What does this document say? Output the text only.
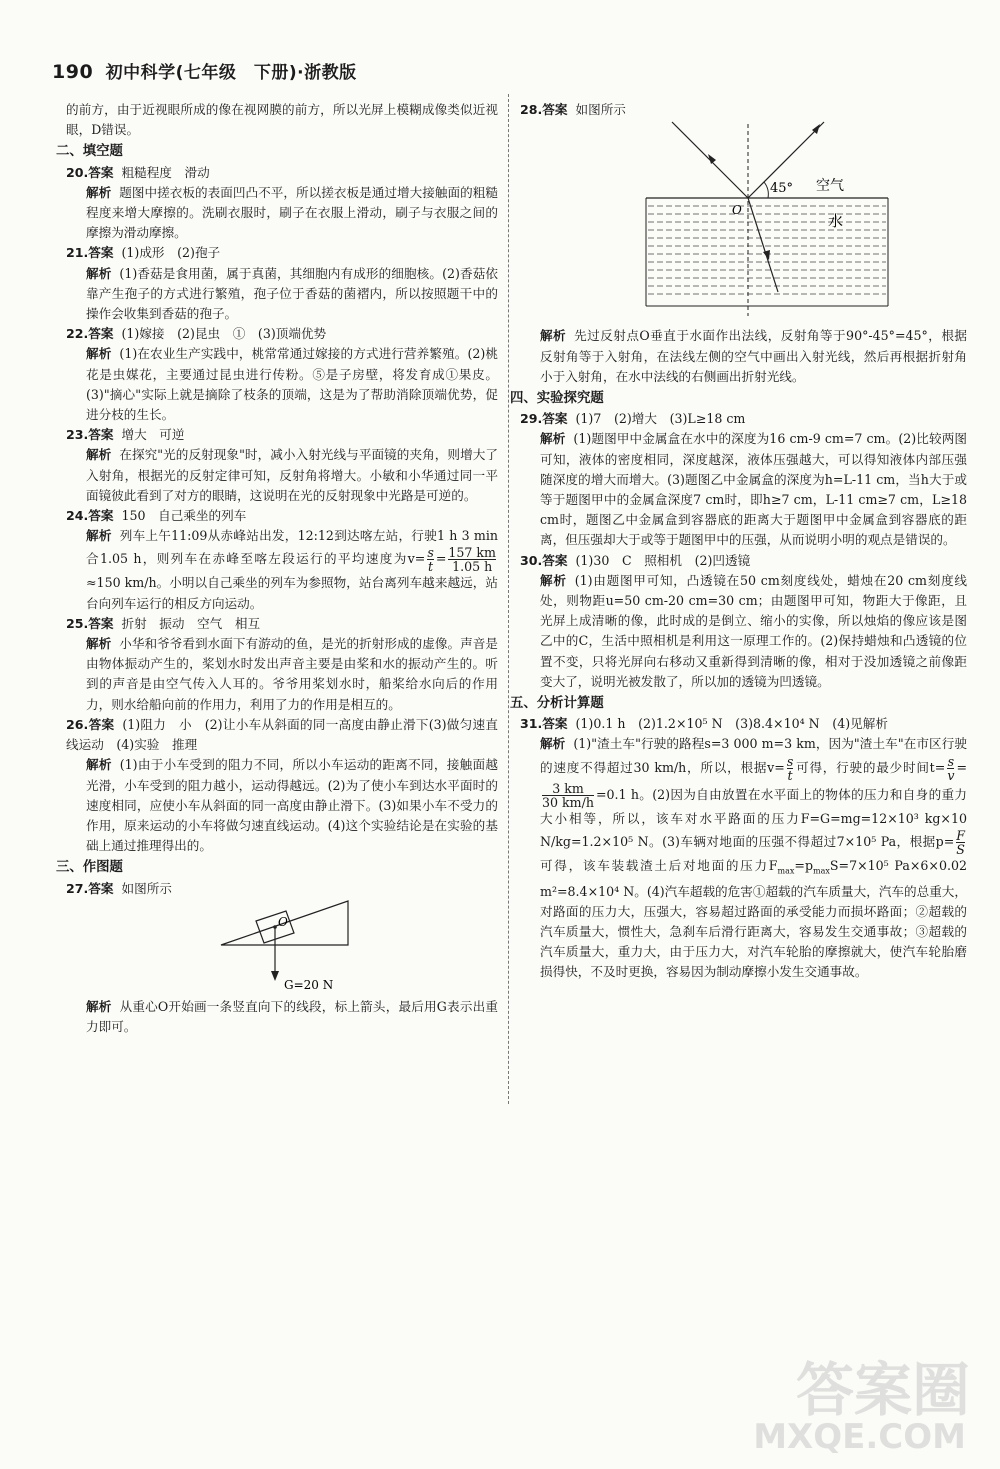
190 初中科学(七年级　下册)·浙教版

的前方，由于近视眼所成的像在视网膜的前方，所以光屏上模糊成像类似近视眼，D错误。

二、填空题

20.答案 粗糙程度　滑动

解析 题图中搓衣板的表面凹凸不平，所以搓衣板是通过增大接触面的粗糙程度来增大摩擦的。洗刷衣服时，刷子在衣服上滑动，刷子与衣服之间的摩擦为滑动摩擦。

21.答案 (1)成形　(2)孢子

解析 (1)香菇是食用菌，属于真菌，其细胞内有成形的细胞核。(2)香菇依靠产生孢子的方式进行繁殖，孢子位于香菇的菌褶内，所以按照题干中的操作会收集到香菇的孢子。

22.答案 (1)嫁接　(2)昆虫　①　(3)顶端优势

解析 (1)在农业生产实践中，桃常常通过嫁接的方式进行营养繁殖。(2)桃花是虫媒花，主要通过昆虫进行传粉。⑤是子房壁，将发育成①果皮。(3)"摘心"实际上就是摘除了枝条的顶端，这是为了帮助消除顶端优势，促进分枝的生长。

23.答案 增大　可逆

解析 在探究"光的反射现象"时，减小入射光线与平面镜的夹角，则增大了入射角，根据光的反射定律可知，反射角将增大。小敏和小华通过同一平面镜彼此看到了对方的眼睛，这说明在光的反射现象中光路是可逆的。

24.答案 150　自己乘坐的列车

解析 列车上午11:09从赤峰站出发，12:12到达喀左站，行驶1 h 3 min合1.05 h，则列车在赤峰至喀左段运行的平均速度为$v= \frac{s}{t} = \frac{157 km}{1.05 h}$
≈150 km/h。小明以自己乘坐的列车为参照物，站台离列车越来越远，站台向列车运行的相反方向运动。

25.答案 折射　振动　空气　相互

解析 小华和爷爷看到水面下有游动的鱼，是光的折射形成的虚像。声音是由物体振动产生的，桨划水时发出声音主要是由桨和水的振动产生的。听到的声音是由空气传入人耳的。爷爷用桨划水时，船桨给水向后的作用力，则水给船向前的作用力，利用了力的作用是相互的。

26.答案 (1)阻力　小　(2)让小车从斜面的同一高度由静止滑下(3)做匀速直线运动　(4)实验　推理

解析 (1)由于小车受到的阻力不同，所以小车运动的距离不同，接触面越光滑，小车受到的阻力越小，运动得越远。(2)为了使小车到达水平面时的速度相同，应使小车从斜面的同一高度由静止滑下。(3)如果小车不受力的作用，原来运动的小车将做匀速直线运动。(4)这个实验结论是在实验的基础上通过推理得出的。

三、作图题

27.答案 如图所示

O
G=20 N

解析 从重心O开始画一条竖直向下的线段，标上箭头，最后用G表示出重力即可。

28.答案 如图所示

45° 空气
水
O

解析 先过反射点O垂直于水面作出法线，反射角等于90°-45°=45°，根据反射角等于入射角，在法线左侧的空气中画出入射光线，然后再根据折射角小于入射角，在水中法线的右侧画出折射光线。

四、实验探究题

29.答案 (1)7　(2)增大　(3)L≥18 cm

解析 (1)题图甲中金属盒在水中的深度为16 cm-9 cm=7 cm。(2)比较两图可知，液体的密度相同，深度越深，液体压强越大，可以得知液体内部压强随深度的增大而增大。(3)题图乙中金属盒的深度为h=L-11 cm，当h大于或等于题图甲中的金属盒深度7 cm时，即h≥7 cm，L-11 cm≥7 cm，L≥18 cm时，题图乙中金属盒到容器底的距离大于题图甲中金属盒到容器底的距离，但压强却大于或等于题图甲中的压强，从而说明小明的观点是错误的。

30.答案 (1)30　C　照相机　(2)凹透镜

解析 (1)由题图甲可知，凸透镜在50 cm刻度线处，蜡烛在20 cm刻度线处，则物距u=50 cm-20 cm=30 cm；由题图甲可知，物距大于像距，且光屏上成清晰的像，此时成的是倒立、缩小的实像，所以烛焰的像应该是图乙中的C，生活中照相机是利用这一原理工作的。(2)保持蜡烛和凸透镜的位置不变，只将光屏向右移动又重新得到清晰的像，相对于没加透镜之前像距变大了，说明光被发散了，所以加的透镜为凹透镜。

五、分析计算题

31.答案 (1)0.1 h　(2)1.2×10⁵ N　(3)8.4×10⁴ N　(4)见解析

解析 (1)"渣土车"行驶的路程s=3 000 m=3 km，因为"渣土车"在市区行驶的速度不得超过30 km/h，所以，根据$v= \frac{s}{t}$ 可得，行驶的最少时间$t= \frac{s}{v}$ =
$\frac{3 km}{30 km/h} =0.1$ h。(2)因为自由放置在水平面上的物体的压力和自身的重力大小相等，所以，该车对水平路面的压力F=G=mg=12×10³ kg×10 N/kg=1.2×10⁵ N。(3)车辆对地面的压强不得超过7×10⁵ Pa，根据$p= \frac{F}{S}$
可得，该车装载渣土后对地面的压力$F_{max}=p_{max}S=7\times 10^5$ Pa×6×0.02 m²=8.4×10⁴ N。(4)汽车超载的危害①超载的汽车质量大，汽车的总重大，对路面的压力大，压强大，容易超过路面的承受能力而损坏路面；②超载的汽车质量大，惯性大，急刹车后滑行距离大，容易发生交通事故；③超载的汽车质量大，重力大，由于压力大，对汽车轮胎的摩擦就大，使汽车轮胎磨损得快，不及时更换，容易因为制动摩擦小发生交通事故。

答案圈
MXQE.COM
